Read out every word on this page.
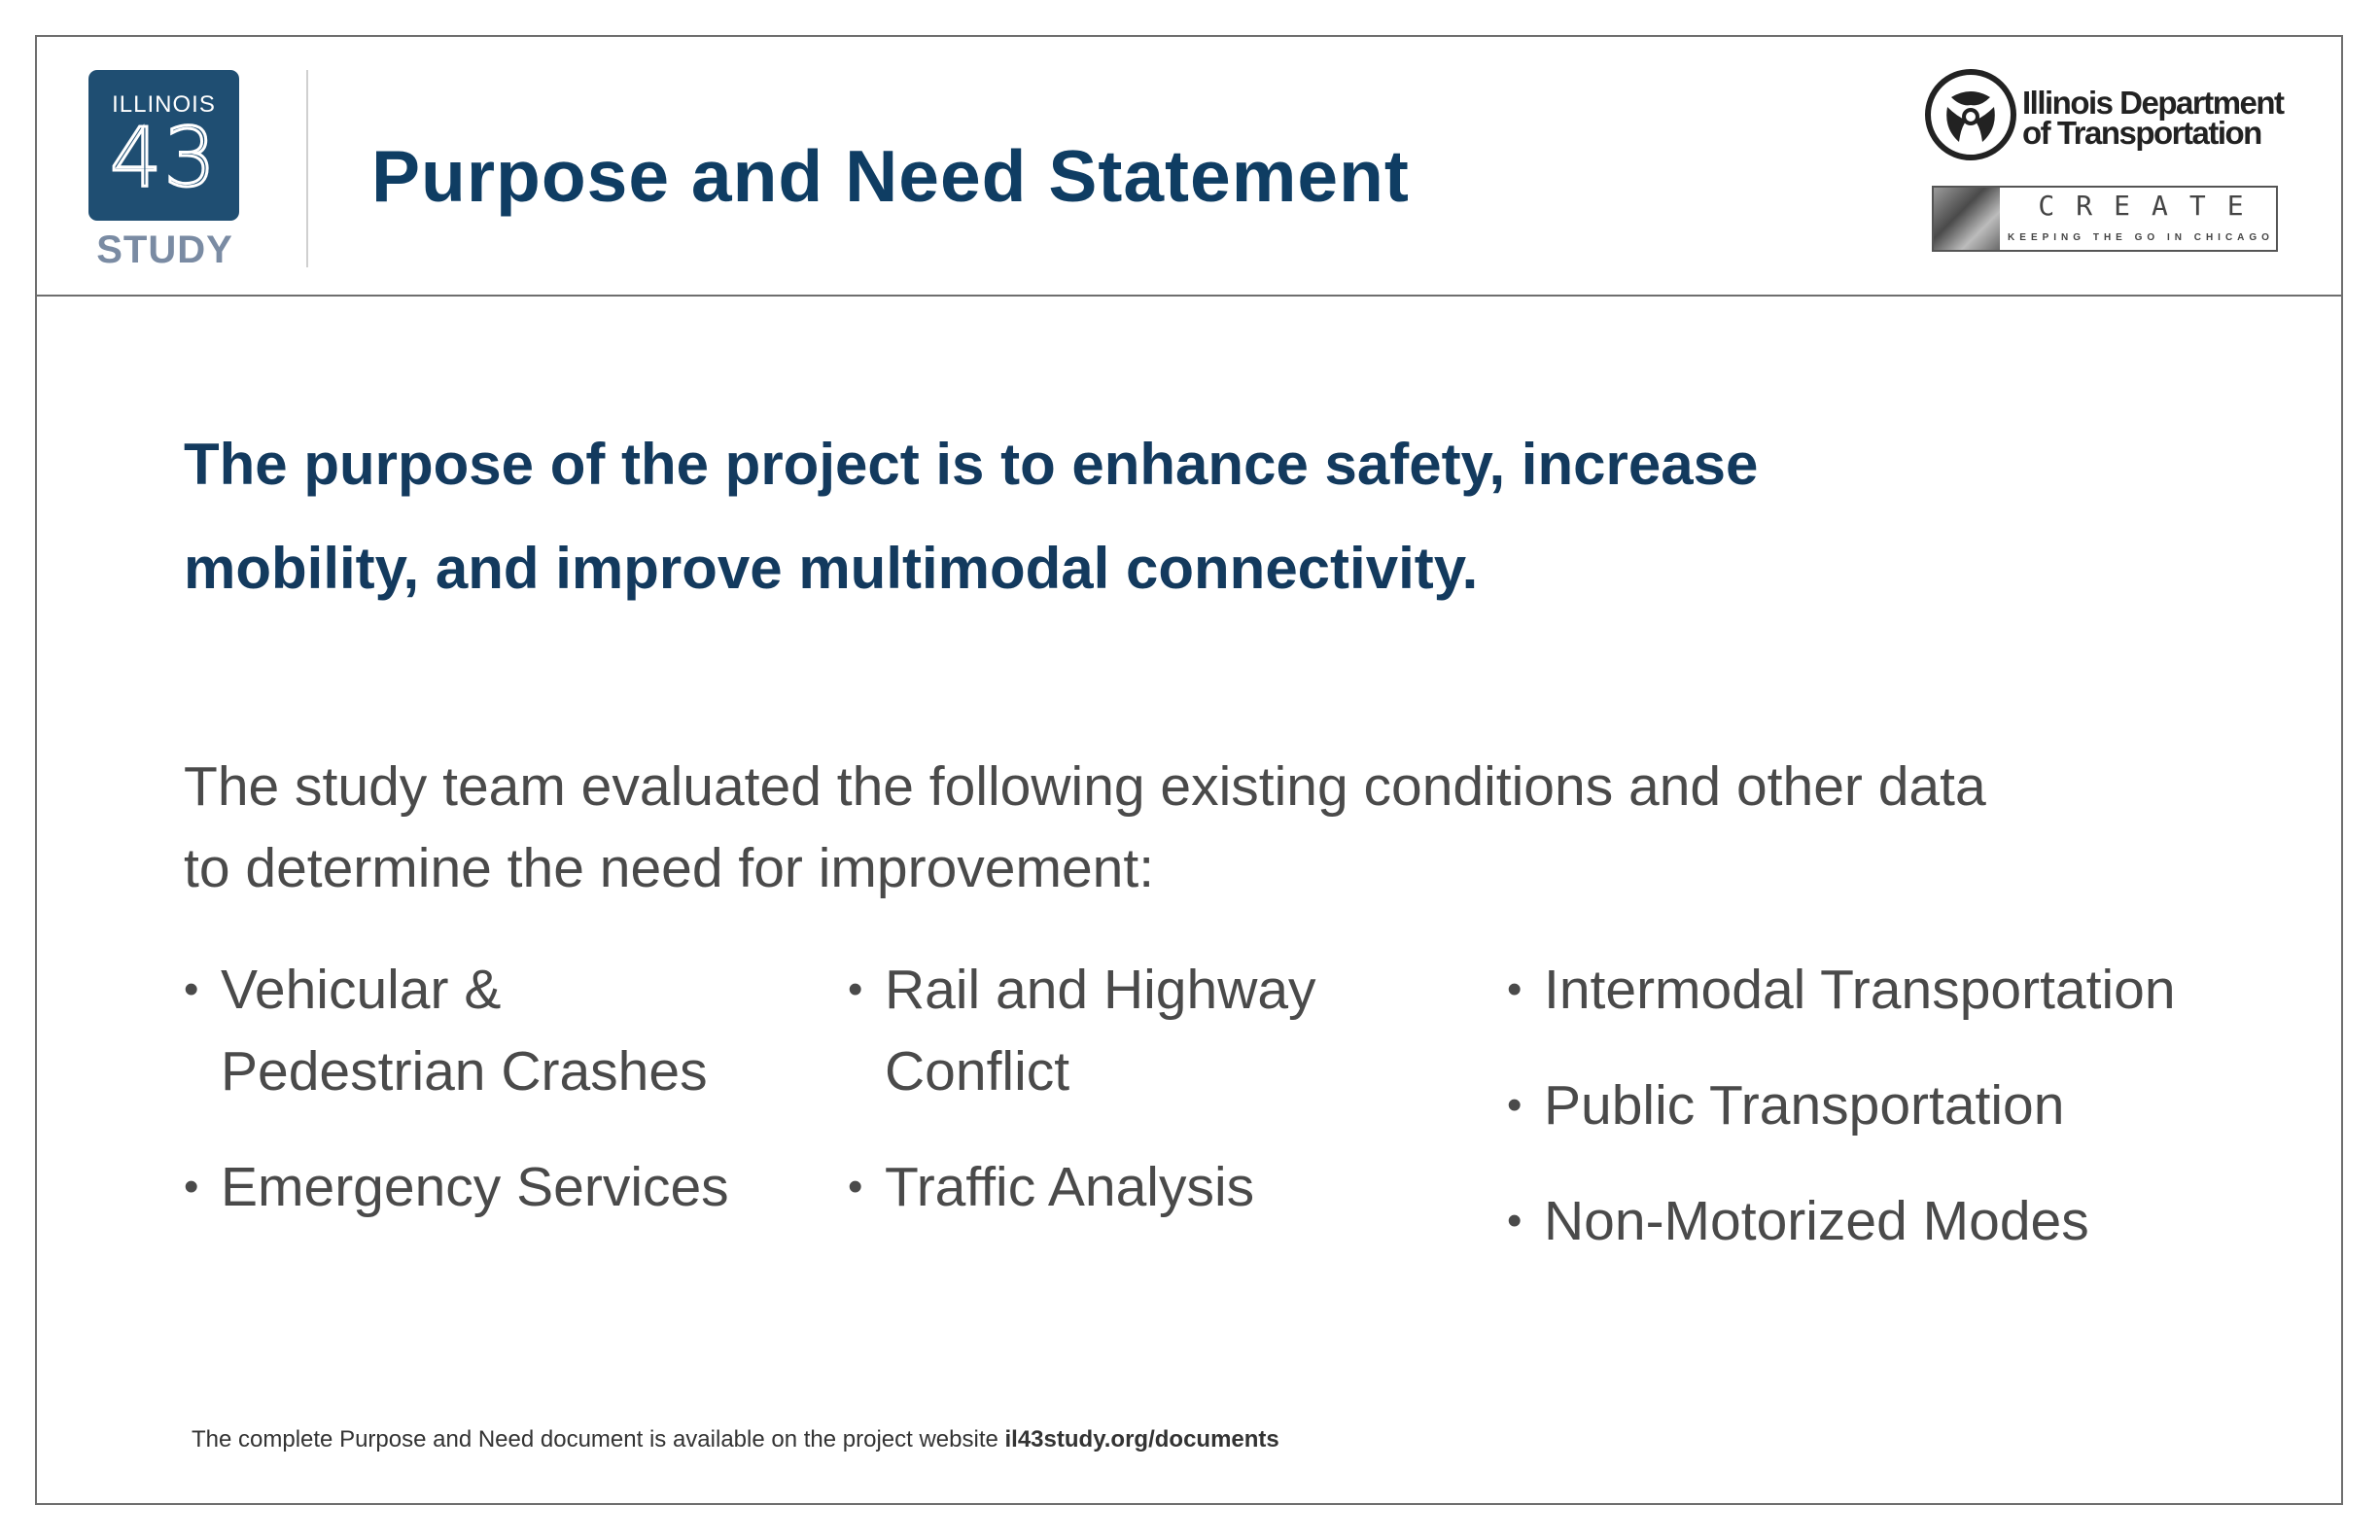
ILLINOIS
43
STUDY
Purpose and Need Statement
Illinois Department
of Transportation
CREATE
KEEPING THE GO IN CHICAGO

The purpose of the project is to enhance safety, increase
mobility, and improve multimodal connectivity.

The study team evaluated the following existing conditions and other data
to determine the need for improvement:

• Vehicular &
Pedestrian Crashes
• Emergency Services
• Rail and Highway
Conflict
• Traffic Analysis
• Intermodal Transportation
• Public Transportation
• Non-Motorized Modes

The complete Purpose and Need document is available on the project website il43study.org/documents
